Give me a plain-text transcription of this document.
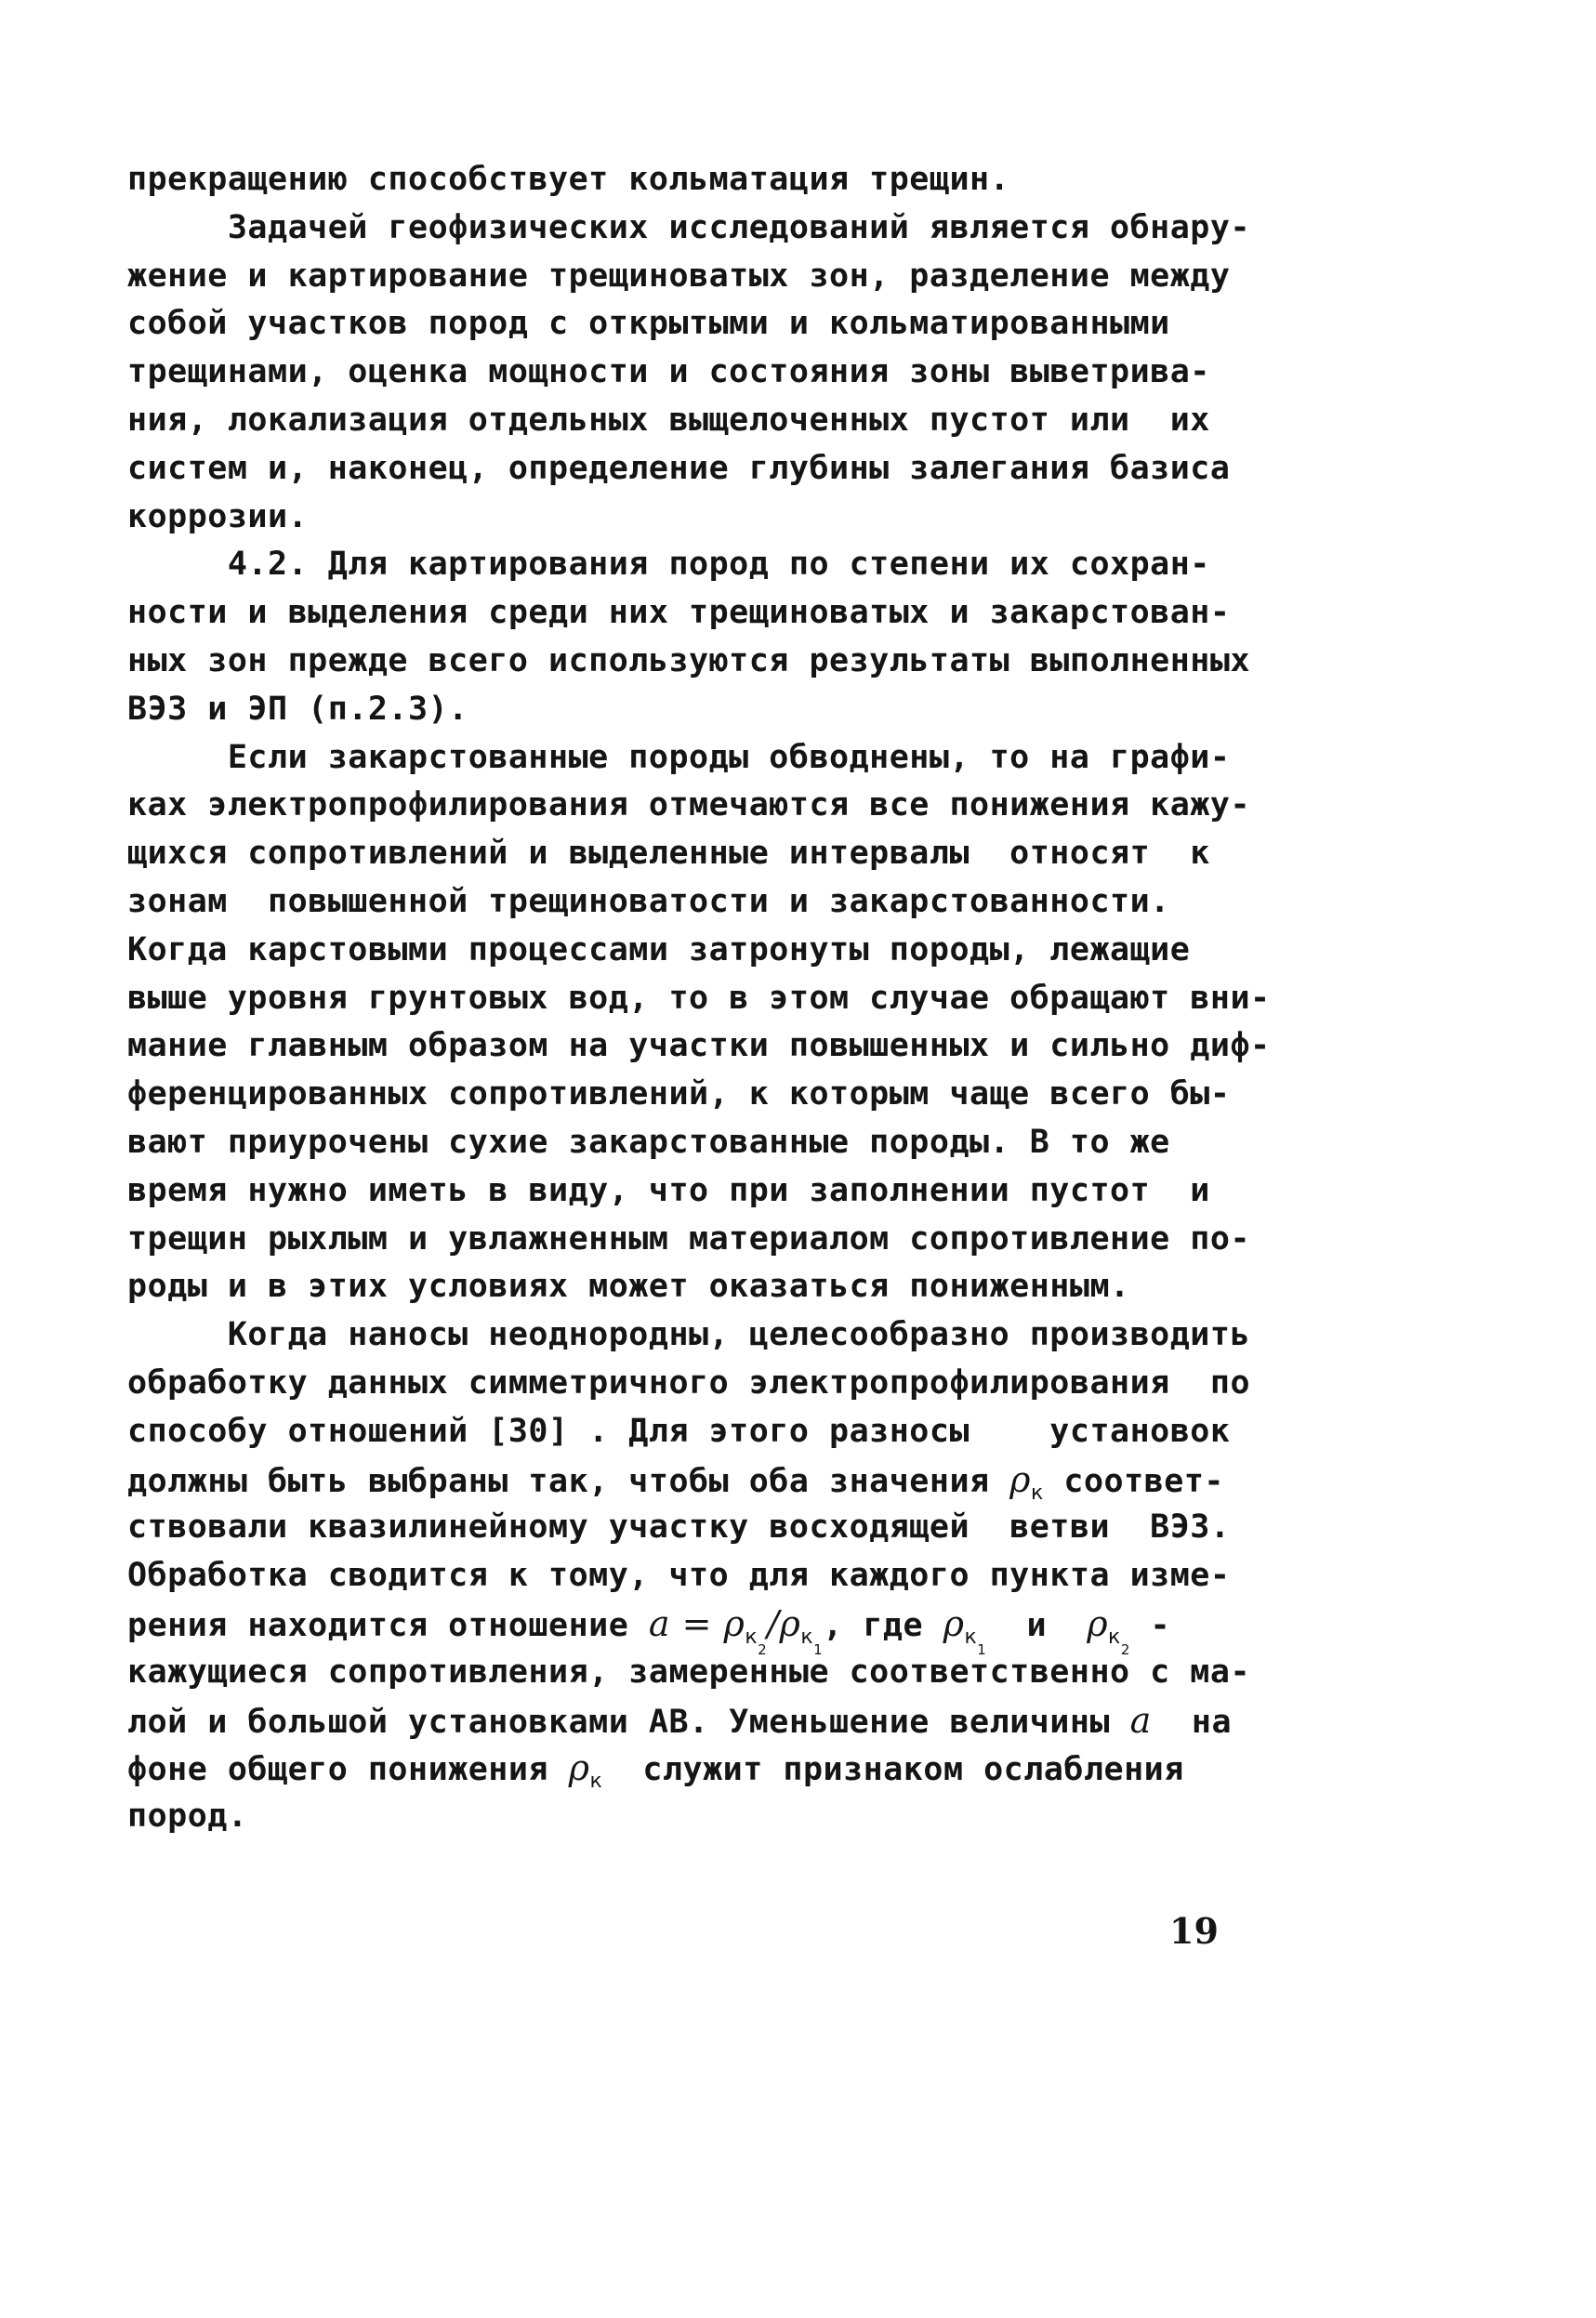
прекращению способствует кольматация трещин.
Задачей геофизических исследований является обнару-
жение и картирование трещиноватых зон, разделение между
собой участков пород с открытыми и кольматированными
трещинами, оценка мощности и состояния зоны выветрива-
ния, локализация отдельных выщелоченных пустот или  их
систем и, наконец, определение глубины залегания базиса
коррозии.
4.2. Для картирования пород по степени их сохран-
ности и выделения среди них трещиноватых и закарстован-
ных зон прежде всего используются результаты выполненных
ВЭЗ и ЭП (п.2.3).
Если закарстованные породы обводнены, то на графи-
ках электропрофилирования отмечаются все понижения кажу-
щихся сопротивлений и выделенные интервалы  относят  к
зонам  повышенной трещиноватости и закарстованности.
Когда карстовыми процессами затронуты породы, лежащие
выше уровня грунтовых вод, то в этом случае обращают вни-
мание главным образом на участки повышенных и сильно диф-
ференцированных сопротивлений, к которым чаще всего бы-
вают приурочены сухие закарстованные породы. В то же
время нужно иметь в виду, что при заполнении пустот  и
трещин рыхлым и увлажненным материалом сопротивление по-
роды и в этих условиях может оказаться пониженным.
Когда наносы неоднородны, целесообразно производить
обработку данных симметричного электропрофилирования  по
способу отношений [30] . Для этого разносы    установок
должны быть выбраны так, чтобы оба значения $\rho_к$ соответ-
ствовали квазилинейному участку восходящей  ветви  ВЭЗ.
Обработка сводится к тому, что для каждого пункта изме-
рения находится отношение $a = \rho_{к_2}/\rho_{к_1}$, где $\rho_{к_1}$  и  $\rho_{к_2}$ -
кажущиеся сопротивления, замеренные соответственно с ма-
лой и большой установками АВ. Уменьшение величины a  на
фоне общего понижения $\rho_к$  служит признаком ослабления
пород.
19
